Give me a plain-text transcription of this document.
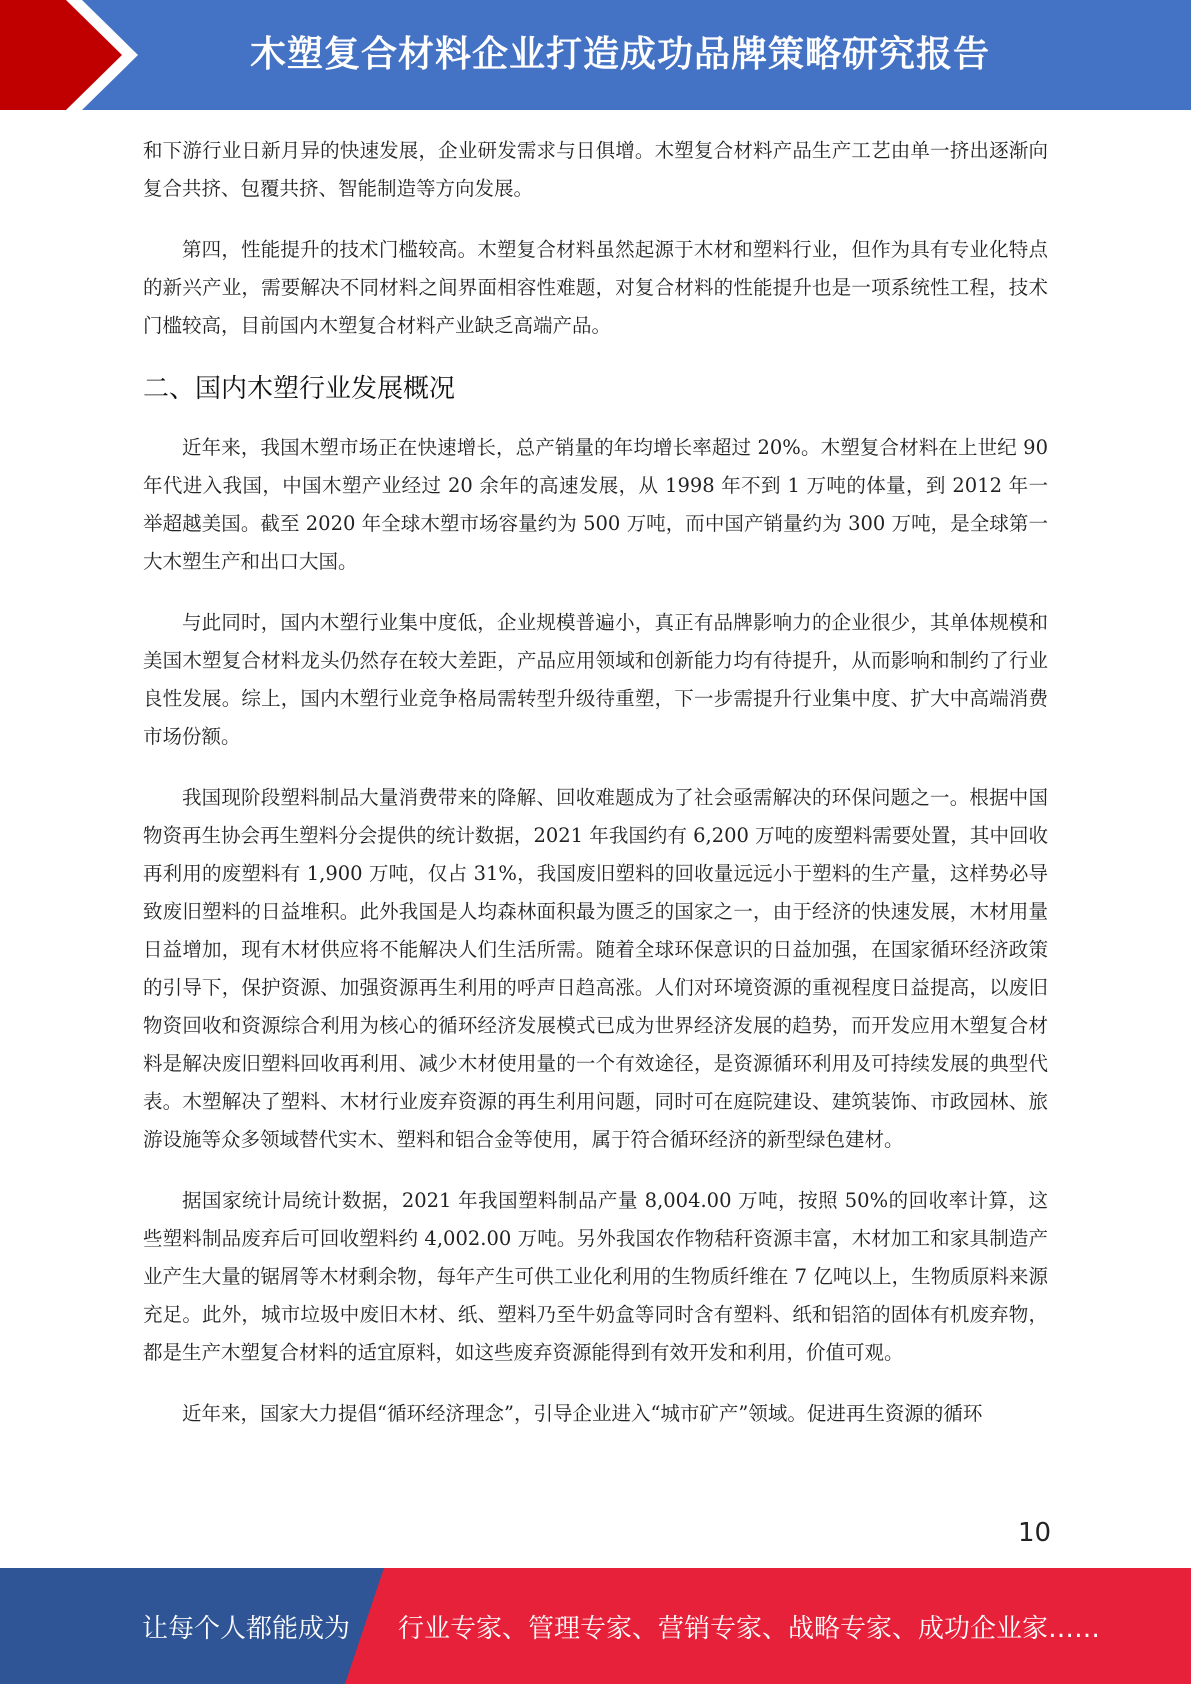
木塑复合材料企业打造成功品牌策略研究报告

和下游行业日新月异的快速发展，企业研发需求与日俱增。木塑复合材料产品生产工艺由单一挤出逐渐向复合共挤、包覆共挤、智能制造等方向发展。

第四，性能提升的技术门槛较高。木塑复合材料虽然起源于木材和塑料行业，但作为具有专业化特点的新兴产业，需要解决不同材料之间界面相容性难题，对复合材料的性能提升也是一项系统性工程，技术门槛较高，目前国内木塑复合材料产业缺乏高端产品。

二、国内木塑行业发展概况

近年来，我国木塑市场正在快速增长，总产销量的年均增长率超过 20%。木塑复合材料在上世纪 90 年代进入我国，中国木塑产业经过 20 余年的高速发展，从 1998 年不到 1 万吨的体量，到 2012 年一举超越美国。截至 2020 年全球木塑市场容量约为 500 万吨，而中国产销量约为 300 万吨，是全球第一大木塑生产和出口大国。

与此同时，国内木塑行业集中度低，企业规模普遍小，真正有品牌影响力的企业很少，其单体规模和美国木塑复合材料龙头仍然存在较大差距，产品应用领域和创新能力均有待提升，从而影响和制约了行业良性发展。综上，国内木塑行业竞争格局需转型升级待重塑，下一步需提升行业集中度、扩大中高端消费市场份额。

我国现阶段塑料制品大量消费带来的降解、回收难题成为了社会亟需解决的环保问题之一。根据中国物资再生协会再生塑料分会提供的统计数据，2021 年我国约有 6,200 万吨的废塑料需要处置，其中回收再利用的废塑料有 1,900 万吨，仅占 31%，我国废旧塑料的回收量远远小于塑料的生产量，这样势必导致废旧塑料的日益堆积。此外我国是人均森林面积最为匮乏的国家之一，由于经济的快速发展，木材用量日益增加，现有木材供应将不能解决人们生活所需。随着全球环保意识的日益加强，在国家循环经济政策的引导下，保护资源、加强资源再生利用的呼声日趋高涨。人们对环境资源的重视程度日益提高，以废旧物资回收和资源综合利用为核心的循环经济发展模式已成为世界经济发展的趋势，而开发应用木塑复合材料是解决废旧塑料回收再利用、减少木材使用量的一个有效途径，是资源循环利用及可持续发展的典型代表。木塑解决了塑料、木材行业废弃资源的再生利用问题，同时可在庭院建设、建筑装饰、市政园林、旅游设施等众多领域替代实木、塑料和铝合金等使用，属于符合循环经济的新型绿色建材。

据国家统计局统计数据，2021 年我国塑料制品产量 8,004.00 万吨，按照 50%的回收率计算，这些塑料制品废弃后可回收塑料约 4,002.00 万吨。另外我国农作物秸秆资源丰富，木材加工和家具制造产业产生大量的锯屑等木材剩余物，每年产生可供工业化利用的生物质纤维在 7 亿吨以上，生物质原料来源充足。此外，城市垃圾中废旧木材、纸、塑料乃至牛奶盒等同时含有塑料、纸和铝箔的固体有机废弃物，都是生产木塑复合材料的适宜原料，如这些废弃资源能得到有效开发和利用，价值可观。

近年来，国家大力提倡“循环经济理念”，引导企业进入“城市矿产”领域。促进再生资源的循环

10
让每个人都能成为 行业专家、管理专家、营销专家、战略专家、成功企业家……
